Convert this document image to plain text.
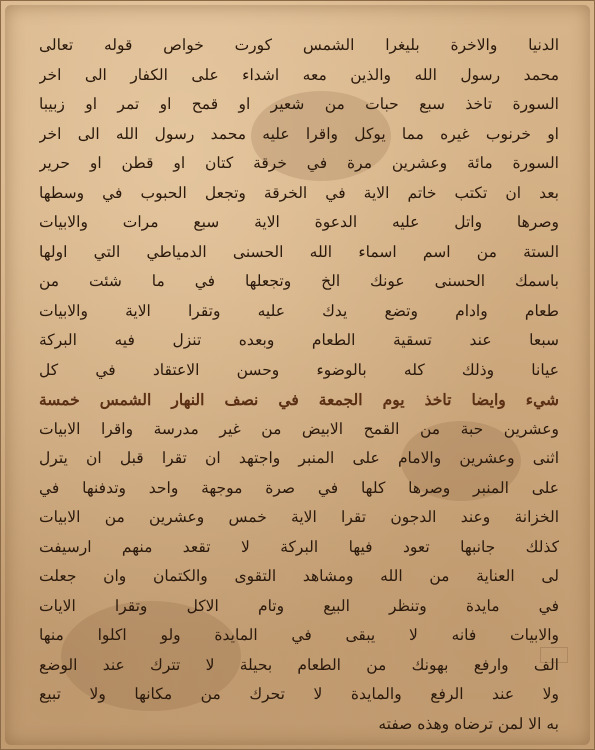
الدنيا والاخرة بليغرا الشمس كورت خواص قوله تعالى
محمد رسول الله والذين معه اشداء على الكفار الى اخر
السورة تاخذ سبع حبات من شعير او قمح او تمر او زبيبا
او خرنوب غيره مما يوكل واقرا عليه محمد رسول الله الى اخر
السورة مائة وعشرين مرة في خرقة كتان او قطن او حرير
بعد ان تكتب خاتم الاية في الخرقة وتجعل الحبوب في وسطها
وصرها واتل عليه الدعوة الاية سبع مرات والابيات
الستة من اسم اسماء الله الحسنى الدمياطي التي اولها
باسمك الحسنى عونك الخ وتجعلها في ما شئت من
طعام وادام وتضع يدك عليه وتقرا الاية والابيات
سبعا عند تسقية الطعام وبعده تنزل فيه البركة
عيانا وذلك كله بالوضوء وحسن الاعتقاد في كل
شيء وايضا تاخذ يوم الجمعة في نصف النهار الشمس خمسة
وعشرين حبة من القمح الابيض من غير مدرسة واقرا الابيات
اثنى وعشرين والامام على المنبر واجتهد ان تقرا قبل ان يترل
على المنبر وصرها كلها في صرة موجهة واحد وتدفنها في
الخزانة وعند الدجون تقرا الاية خمس وعشرين من الابيات
كذلك جانبها تعود فيها البركة لا تقعد منهم ارسيفت
لى العناية من الله ومشاهد التقوى والكتمان وان جعلت
في مايدة وتنظر البيع وتام الاكل وتقرا الايات
والابيات فانه لا يبقى في المايدة ولو اكلوا منها
الف وارفع بهونك من الطعام بحيلة لا تترك عند الوضع
ولا عند الرفع والمايدة لا تحرك من مكانها ولا تبيع
به الا لمن ترضاه وهذه صفته
